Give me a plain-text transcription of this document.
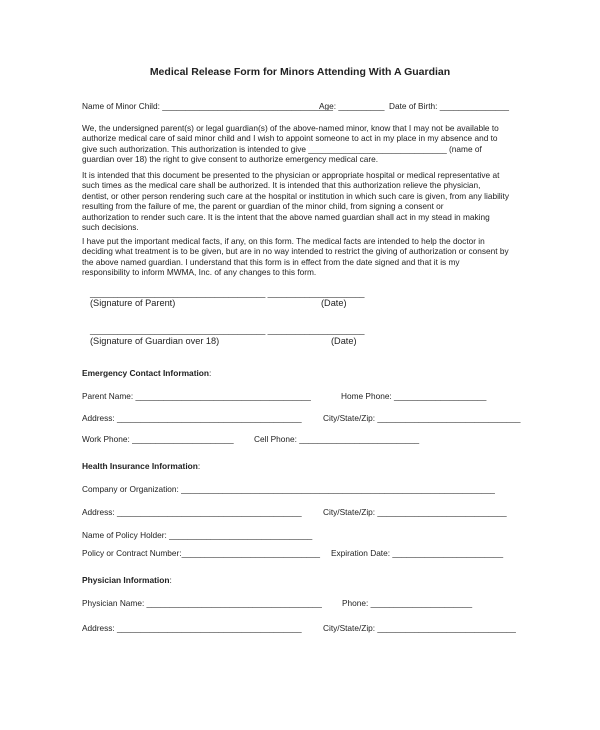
Medical Release Form for Minors Attending With A Guardian
Name of Minor Child: _____________________________________
Age: __________ Date of Birth: _______________
We, the undersigned parent(s) or legal guardian(s) of the above-named minor, know that I may not be available to
authorize medical care of said minor child and I wish to appoint someone to act in my place in my absence and to
give such authorization. This authorization is intended to give ______________________________ (name of
guardian over 18) the right to give consent to authorize emergency medical care.
It is intended that this document be presented to the physician or appropriate hospital or medical representative at
such times as the medical care shall be authorized. It is intended that this authorization relieve the physician,
dentist, or other person rendering such care at the hospital or institution in which such care is given, from any liability
resulting from the failure of me, the parent or guardian of the minor child, from signing a consent or
authorization to render such care. It is the intent that the above named guardian shall act in my stead in making
such decisions.
I have put the important medical facts, if any, on this form. The medical facts are intended to help the doctor in
deciding what treatment is to be given, but are in no way intended to restrict the giving of authorization or consent by
the above named guardian. I understand that this form is in effect from the date signed and that it is my
responsibility to inform MWMA, Inc. of any changes to this form.
______________________________________ _____________________
(Signature of Parent)	(Date)
______________________________________ _____________________
(Signature of Guardian over 18)	(Date)
Emergency Contact Information:
Parent Name: ______________________________________	Home Phone: ____________________
Address: ________________________________________	City/State/Zip: _______________________________
Work Phone: ______________________ Cell Phone: __________________________
Health Insurance Information:
Company or Organization: ____________________________________________________________________
Address: ________________________________________	City/State/Zip: ____________________________
Name of Policy Holder: _______________________________
Policy or Contract Number:______________________________ Expiration Date: ________________________
Physician Information:
Physician Name: ______________________________________ Phone: ______________________
Address: ________________________________________	City/State/Zip: ______________________________
